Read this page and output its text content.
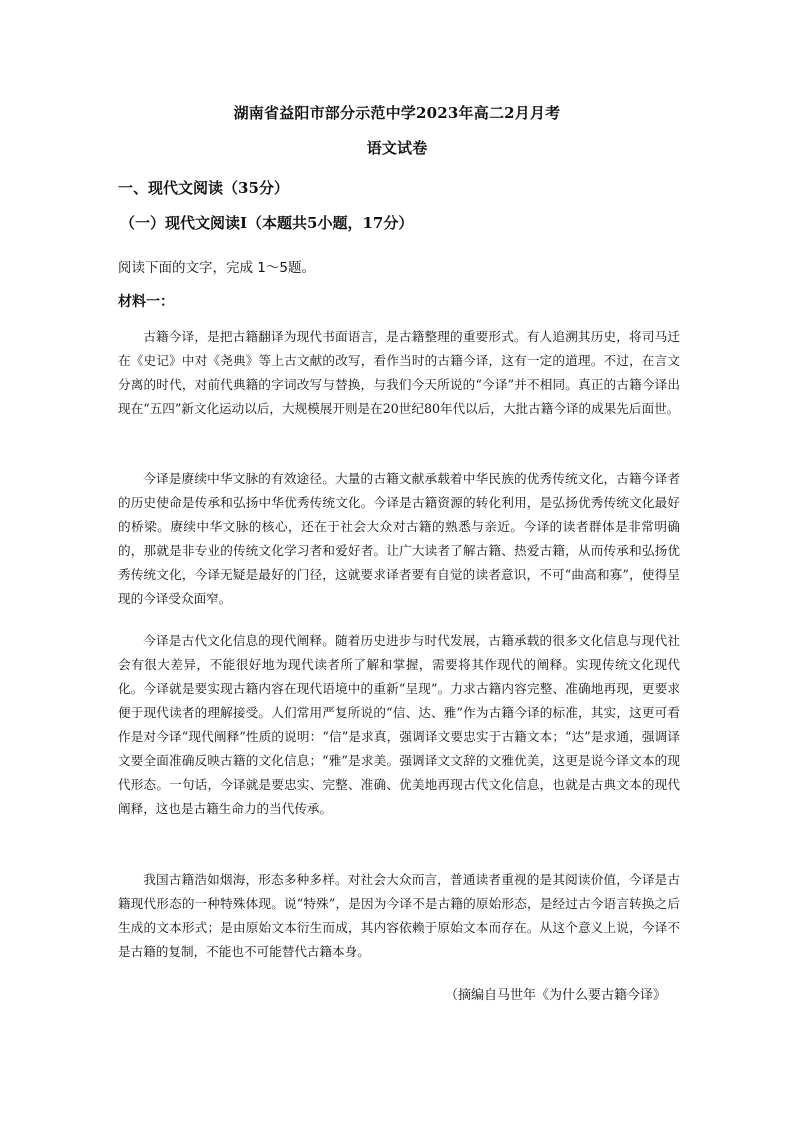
湖南省益阳市部分示范中学2023年高二2月月考
语文试卷
一、现代文阅读（35分）
（一）现代文阅读Ⅰ（本题共5小题，17分）
阅读下面的文字，完成 1～5题。
材料一：

古籍今译，是把古籍翻译为现代书面语言，是古籍整理的重要形式。有人追溯其历史，将司马迁在《史记》中对《尧典》等上古文献的改写，看作当时的古籍今译，这有一定的道理。不过，在言文分离的时代，对前代典籍的字词改写与替换，与我们今天所说的“今译”并不相同。真正的古籍今译出现在“五四”新文化运动以后，大规模展开则是在20世纪80年代以后，大批古籍今译的成果先后面世。

今译是赓续中华文脉的有效途径。大量的古籍文献承载着中华民族的优秀传统文化，古籍今译者的历史使命是传承和弘扬中华优秀传统文化。今译是古籍资源的转化利用，是弘扬优秀传统文化最好的桥梁。赓续中华文脉的核心，还在于社会大众对古籍的熟悉与亲近。今译的读者群体是非常明确的，那就是非专业的传统文化学习者和爱好者。让广大读者了解古籍、热爱古籍，从而传承和弘扬优秀传统文化，今译无疑是最好的门径，这就要求译者要有自觉的读者意识，不可“曲高和寡”，使得呈现的今译受众面窄。

今译是古代文化信息的现代阐释。随着历史进步与时代发展，古籍承载的很多文化信息与现代社会有很大差异，不能很好地为现代读者所了解和掌握，需要将其作现代的阐释。实现传统文化现代化。今译就是要实现古籍内容在现代语境中的重新“呈现”。力求古籍内容完整、准确地再现，更要求便于现代读者的理解接受。人们常用严复所说的“信、达、雅”作为古籍今译的标准，其实，这更可看作是对今译“现代阐释”性质的说明：“信”是求真，强调译文要忠实于古籍文本；“达”是求通，强调译文要全面准确反映古籍的文化信息；“雅”是求美。强调译文文辞的文雅优美，这更是说今译文本的现代形态。一句话，今译就是要忠实、完整、准确、优美地再现古代文化信息，也就是古典文本的现代阐释，这也是古籍生命力的当代传承。

我国古籍浩如烟海，形态多种多样。对社会大众而言，普通读者重视的是其阅读价值，今译是古籍现代形态的一种特殊体现。说“特殊”，是因为今译不是古籍的原始形态，是经过古今语言转换之后生成的文本形式；是由原始文本衍生而成，其内容依赖于原始文本而存在。从这个意义上说，今译不是古籍的复制，不能也不可能替代古籍本身。

（摘编自马世年《为什么要古籍今译》
